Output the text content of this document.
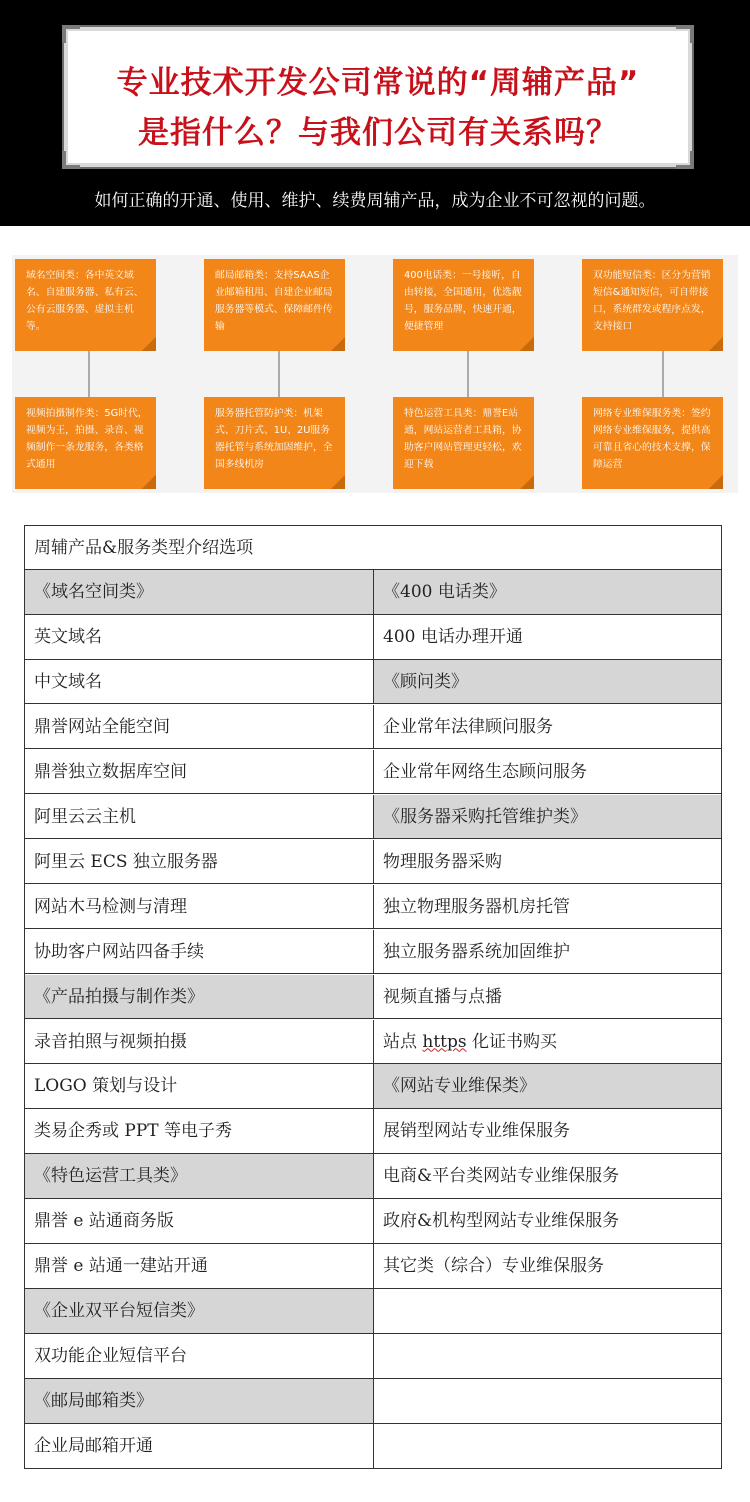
专业技术开发公司常说的“周辅产品”
是指什么？与我们公司有关系吗？
如何正确的开通、使用、维护、续费周辅产品，成为企业不可忽视的问题。
域名空间类：各中英文域名、自建服务器、私有云、公有云服务器、虚拟主机等。
邮局邮箱类：支持SAAS企业邮箱租用、自建企业邮局服务器等模式、保障邮件传输
400电话类：一号接听，自由转接，全国通用，优选靓号，服务品牌，快速开通，便捷管理
双功能短信类：区分为营销短信&通知短信，可自带接口，系统群发或程序点发，支持接口
视频拍摄制作类：5G时代，视频为王，拍摄、录音、视频制作一条龙服务，各类格式通用
服务器托管防护类：机架式、刀片式、1U、2U服务器托管与系统加固维护，全国多线机房
特色运营工具类：鼎誉E站通，网站运营者工具箱，协助客户网站管理更轻松，欢迎下载
网络专业维保服务类：签约网络专业维保服务，提供高可靠且省心的技术支撑，保障运营
周辅产品&服务类型介绍选项
《域名空间类》	《400 电话类》
英文域名	400 电话办理开通
中文域名	《顾问类》
鼎誉网站全能空间	企业常年法律顾问服务
鼎誉独立数据库空间	企业常年网络生态顾问服务
阿里云云主机	《服务器采购托管维护类》
阿里云 ECS 独立服务器	物理服务器采购
网站木马检测与清理	独立物理服务器机房托管
协助客户网站四备手续	独立服务器系统加固维护
《产品拍摄与制作类》	视频直播与点播
录音拍照与视频拍摄	站点 https 化证书购买
LOGO 策划与设计	《网站专业维保类》
类易企秀或 PPT 等电子秀	展销型网站专业维保服务
《特色运营工具类》	电商&平台类网站专业维保服务
鼎誉 e 站通商务版	政府&机构型网站专业维保服务
鼎誉 e 站通一建站开通	其它类（综合）专业维保服务
《企业双平台短信类》
双功能企业短信平台
《邮局邮箱类》
企业局邮箱开通
